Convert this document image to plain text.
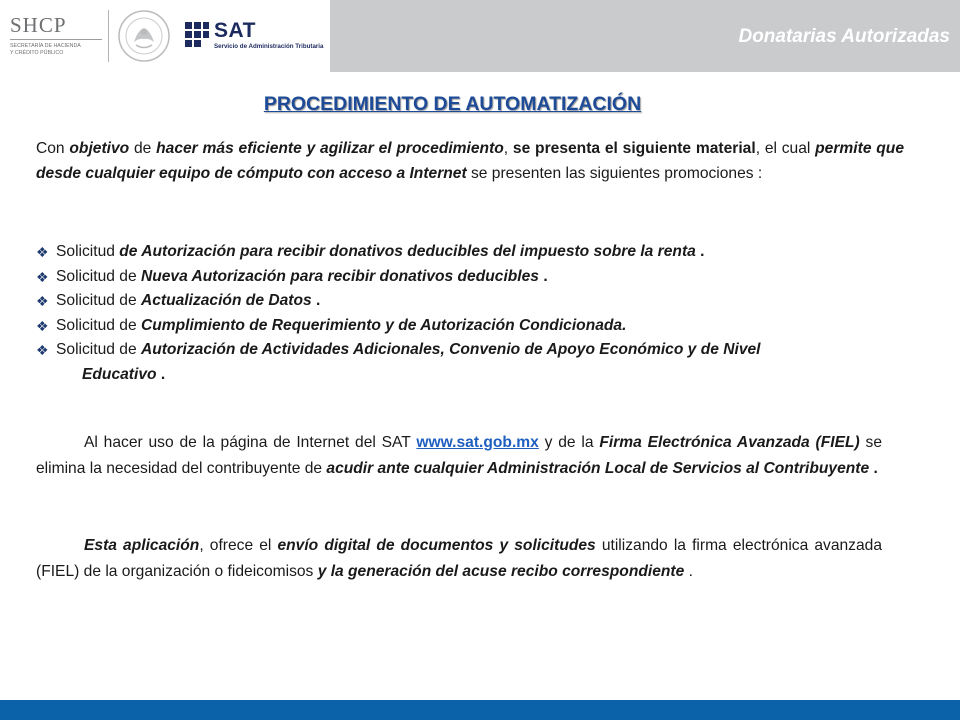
Donatarias Autorizadas
SHCP
SECRETARÍA DE HACIENDA
Y CRÉDITO PÚBLICO
SAT
Servicio de Administración Tributaria
PROCEDIMIENTO DE AUTOMATIZACIÓN
Con objetivo de hacer más eficiente y agilizar el procedimiento, se presenta el siguiente material, el cual permite que desde cualquier equipo de cómputo con acceso a Internet se presenten las siguientes promociones :
❖ Solicitud de Autorización para recibir donativos deducibles del impuesto sobre la renta .
❖ Solicitud de Nueva Autorización para recibir donativos deducibles .
❖ Solicitud de Actualización de Datos .
❖ Solicitud de Cumplimiento de Requerimiento y de Autorización Condicionada.
❖ Solicitud de Autorización de Actividades Adicionales, Convenio de Apoyo Económico y de Nivel
Educativo .
Al hacer uso de la página de Internet del SAT www.sat.gob.mx y de la Firma Electrónica Avanzada (FIEL) se elimina la necesidad del contribuyente de acudir ante cualquier Administración Local de Servicios al Contribuyente .
Esta aplicación, ofrece el envío digital de documentos y solicitudes utilizando la firma electrónica avanzada (FIEL) de la organización o fideicomisos y la generación del acuse recibo correspondiente .
